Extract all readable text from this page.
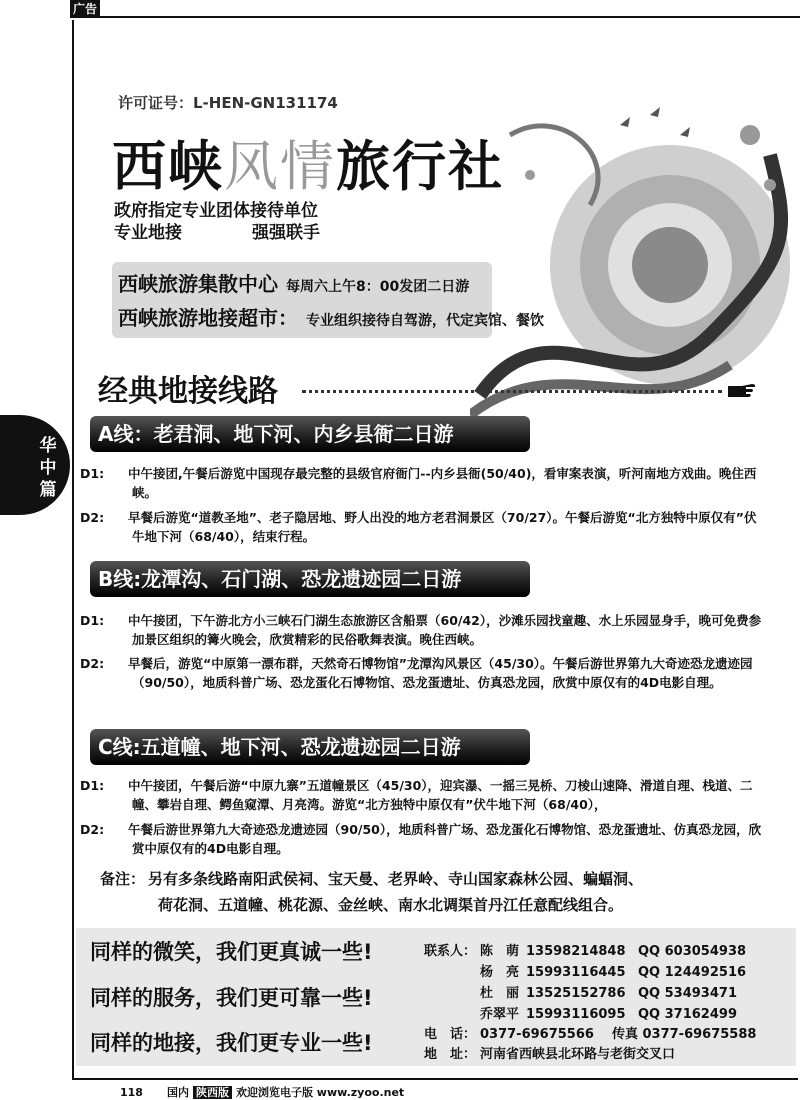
广告
华中篇
许可证号：L-HEN-GN131174
西峡风情旅行社
政府指定专业团体接待单位
专业地接	强强联手
西峡旅游集散中心 每周六上午8：00发团二日游
西峡旅游地接超市： 专业组织接待自驾游，代定宾馆、餐饮
经典地接线路
A线：老君洞、地下河、内乡县衙二日游
D1: 中午接团,午餐后游览中国现存最完整的县级官府衙门--内乡县衙(50/40)，看审案表演，听河南地方戏曲。晚住西峡。
D2: 早餐后游览“道教圣地”、老子隐居地、野人出没的地方老君洞景区（70/27）。午餐后游览“北方独特中原仅有”伏牛地下河（68/40），结束行程。
B线:龙潭沟、石门湖、恐龙遗迹园二日游
D1: 中午接团，下午游北方小三峡石门湖生态旅游区含船票（60/42），沙滩乐园找童趣、水上乐园显身手，晚可免费参加景区组织的篝火晚会，欣赏精彩的民俗歌舞表演。晚住西峡。
D2: 早餐后，游览“中原第一漂布群，天然奇石博物馆”龙潭沟风景区（45/30）。午餐后游世界第九大奇迹恐龙遗迹园（90/50），地质科普广场、恐龙蛋化石博物馆、恐龙蛋遗址、仿真恐龙园，欣赏中原仅有的4D电影自理。
C线:五道幢、地下河、恐龙遗迹园二日游
D1: 中午接团，午餐后游“中原九寨”五道幢景区（45/30），迎宾瀑、一摇三晃桥、刀棱山速降、滑道自理、栈道、二幢、攀岩自理、鳄鱼窥潭、月亮湾。游览“北方独特中原仅有”伏牛地下河（68/40），
D2: 午餐后游世界第九大奇迹恐龙遗迹园（90/50），地质科普广场、恐龙蛋化石博物馆、恐龙蛋遗址、仿真恐龙园，欣赏中原仅有的4D电影自理。
备注： 另有多条线路南阳武侯祠、宝天曼、老界岭、寺山国家森林公园、蝙蝠洞、
荷花洞、五道幢、桃花源、金丝峡、南水北调渠首丹江任意配线组合。
同样的微笑，我们更真诚一些!
同样的服务，我们更可靠一些!
同样的地接，我们更专业一些!
联系人： 陈　萌 13598214848 QQ 603054938
杨　亮 15993116445 QQ 124492516
杜　丽 13525152786 QQ 53493471
乔翠平 15993116095 QQ 37162499
电　话： 0377-69675566 传真 0377-69675588
地　址： 河南省西峡县北环路与老街交叉口
118 国内 陕西版 欢迎浏览电子版 www.zyoo.net
